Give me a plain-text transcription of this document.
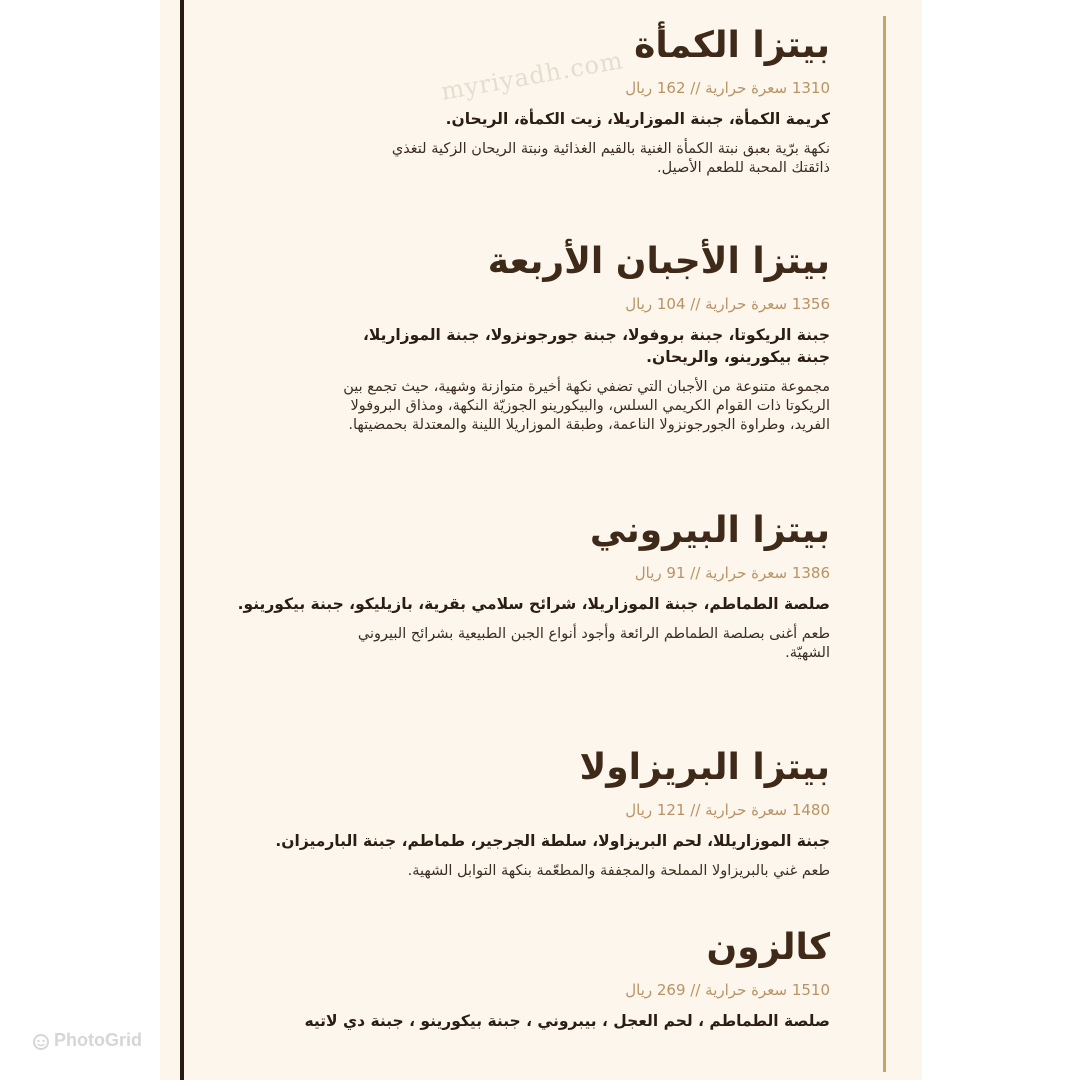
myriyadh.com
بيتزا الكمأة
1310 سعرة حرارية // 162 ريال
كريمة الكمأة، جبنة الموزاريلا، زيت الكمأة، الريحان.
نكهة برّية بعبق نبتة الكمأة الغنية بالقيم الغذائية ونبتة الريحان الزكية لتغذي ذائقتك المحبة للطعم الأصيل.
بيتزا الأجبان الأربعة
1356 سعرة حرارية // 104 ريال
جبنة الريكوتا، جبنة بروفولا، جبنة جورجونزولا، جبنة الموزاريلا، جبنة بيكورينو، والريحان.
مجموعة متنوعة من الأجبان التي تضفي نكهة أخيرة متوازنة وشهية، حيث تجمع بين الريكوتا ذات القوام الكريمي السلس، والبيكورينو الجوزيّة النكهة، ومذاق البروفولا الفريد، وطراوة الجورجونزولا الناعمة، وطبقة الموزاريلا اللينة والمعتدلة بحمضيتها.
بيتزا البيروني
1386 سعرة حرارية // 91 ريال
صلصة الطماطم، جبنة الموزاريلا، شرائح سلامي بقرية، بازيليكو، جبنة بيكورينو.
طعم أغنى بصلصة الطماطم الرائعة وأجود أنواع الجبن الطبيعية بشرائح البيروني الشهيّة.
بيتزا البريزاولا
1480 سعرة حرارية // 121 ريال
جبنة الموزاريللا، لحم البريزاولا، سلطة الجرجير، طماطم، جبنة البارميزان.
طعم غني بالبريزاولا المملحة والمجففة والمطعّمة بنكهة التوابل الشهية.
كالزون
1510 سعرة حرارية // 269 ريال
صلصة الطماطم ، لحم العجل ، بيبروني ، جبنة بيكورينو ، جبنة دي لاتيه
PhotoGrid
